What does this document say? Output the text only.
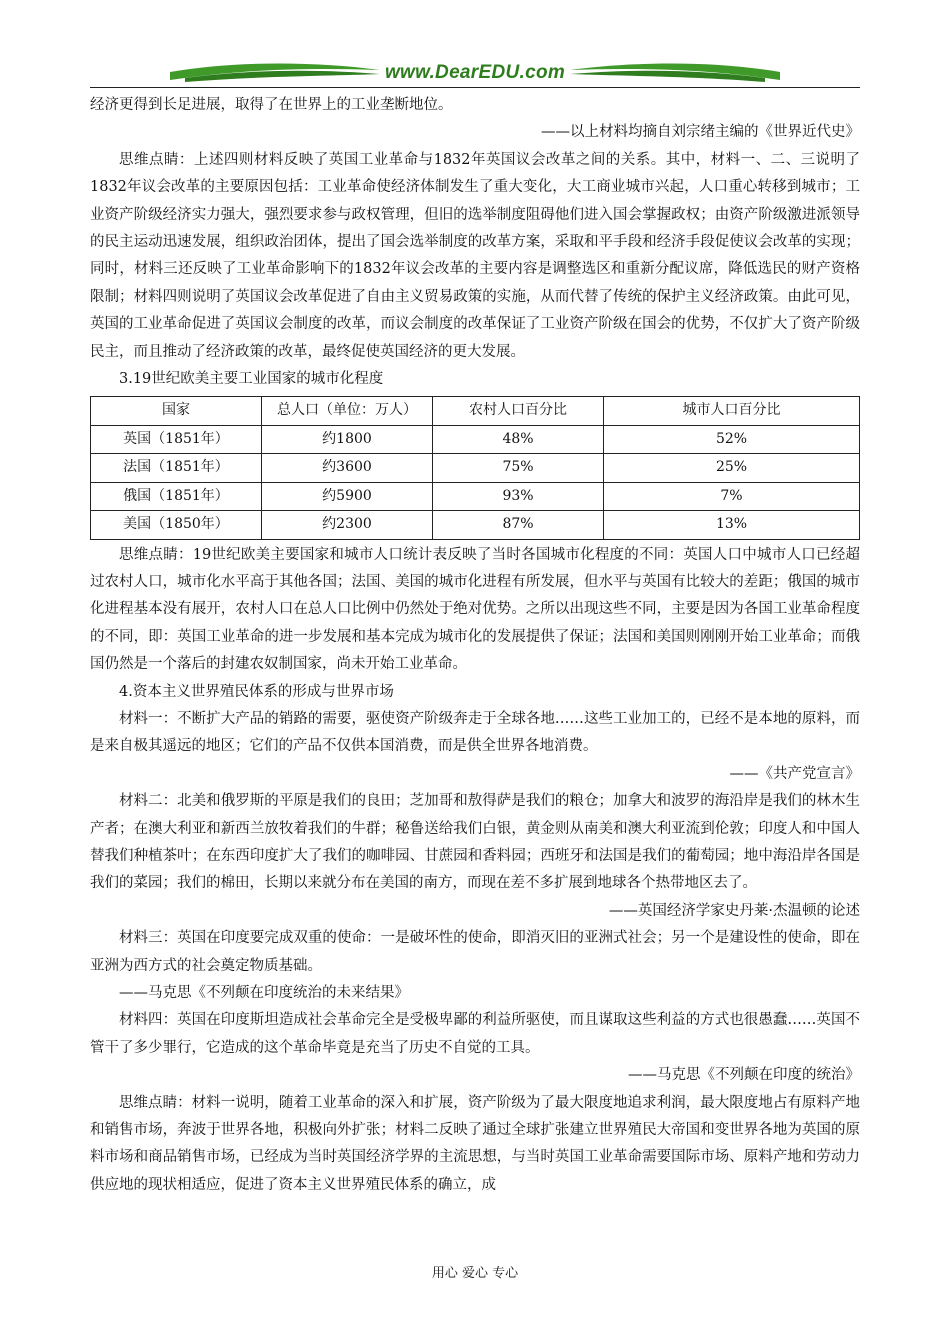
www.DearEDU.com

经济更得到长足进展，取得了在世界上的工业垄断地位。

——以上材料均摘自刘宗绪主编的《世界近代史》

思维点睛：上述四则材料反映了英国工业革命与1832年英国议会改革之间的关系。其中，材料一、二、三说明了1832年议会改革的主要原因包括：工业革命使经济体制发生了重大变化，大工商业城市兴起，人口重心转移到城市；工业资产阶级经济实力强大，强烈要求参与政权管理，但旧的选举制度阻碍他们进入国会掌握政权；由资产阶级激进派领导的民主运动迅速发展，组织政治团体，提出了国会选举制度的改革方案，采取和平手段和经济手段促使议会改革的实现；同时，材料三还反映了工业革命影响下的1832年议会改革的主要内容是调整选区和重新分配议席，降低选民的财产资格限制；材料四则说明了英国议会改革促进了自由主义贸易政策的实施，从而代替了传统的保护主义经济政策。由此可见，英国的工业革命促进了英国议会制度的改革，而议会制度的改革保证了工业资产阶级在国会的优势，不仅扩大了资产阶级民主，而且推动了经济政策的改革，最终促使英国经济的更大发展。

3.19世纪欧美主要工业国家的城市化程度

国家	总人口（单位：万人）	农村人口百分比	城市人口百分比
英国（1851年）	约1800	48%	52%
法国（1851年）	约3600	75%	25%
俄国（1851年）	约5900	93%	7%
美国（1850年）	约2300	87%	13%

思维点睛：19世纪欧美主要国家和城市人口统计表反映了当时各国城市化程度的不同：英国人口中城市人口已经超过农村人口，城市化水平高于其他各国；法国、美国的城市化进程有所发展，但水平与英国有比较大的差距；俄国的城市化进程基本没有展开，农村人口在总人口比例中仍然处于绝对优势。之所以出现这些不同，主要是因为各国工业革命程度的不同，即：英国工业革命的进一步发展和基本完成为城市化的发展提供了保证；法国和美国则刚刚开始工业革命；而俄国仍然是一个落后的封建农奴制国家，尚未开始工业革命。

4.资本主义世界殖民体系的形成与世界市场

材料一：不断扩大产品的销路的需要，驱使资产阶级奔走于全球各地……这些工业加工的，已经不是本地的原料，而是来自极其遥远的地区；它们的产品不仅供本国消费，而是供全世界各地消费。

——《共产党宣言》

材料二：北美和俄罗斯的平原是我们的良田；芝加哥和敖得萨是我们的粮仓；加拿大和波罗的海沿岸是我们的林木生产者；在澳大利亚和新西兰放牧着我们的牛群；秘鲁送给我们白银，黄金则从南美和澳大利亚流到伦敦；印度人和中国人替我们种植茶叶；在东西印度扩大了我们的咖啡园、甘蔗园和香料园；西班牙和法国是我们的葡萄园；地中海沿岸各国是我们的菜园；我们的棉田，长期以来就分布在美国的南方，而现在差不多扩展到地球各个热带地区去了。

——英国经济学家史丹莱·杰温顿的论述

材料三：英国在印度要完成双重的使命：一是破坏性的使命，即消灭旧的亚洲式社会；另一个是建设性的使命，即在亚洲为西方式的社会奠定物质基础。

——马克思《不列颠在印度统治的未来结果》

材料四：英国在印度斯坦造成社会革命完全是受极卑鄙的利益所驱使，而且谋取这些利益的方式也很愚蠢……英国不管干了多少罪行，它造成的这个革命毕竟是充当了历史不自觉的工具。

——马克思《不列颠在印度的统治》

思维点睛：材料一说明，随着工业革命的深入和扩展，资产阶级为了最大限度地追求利润，最大限度地占有原料产地和销售市场，奔波于世界各地，积极向外扩张；材料二反映了通过全球扩张建立世界殖民大帝国和变世界各地为英国的原料市场和商品销售市场，已经成为当时英国经济学界的主流思想，与当时英国工业革命需要国际市场、原料产地和劳动力供应地的现状相适应，促进了资本主义世界殖民体系的确立，成

用心 爱心 专心
